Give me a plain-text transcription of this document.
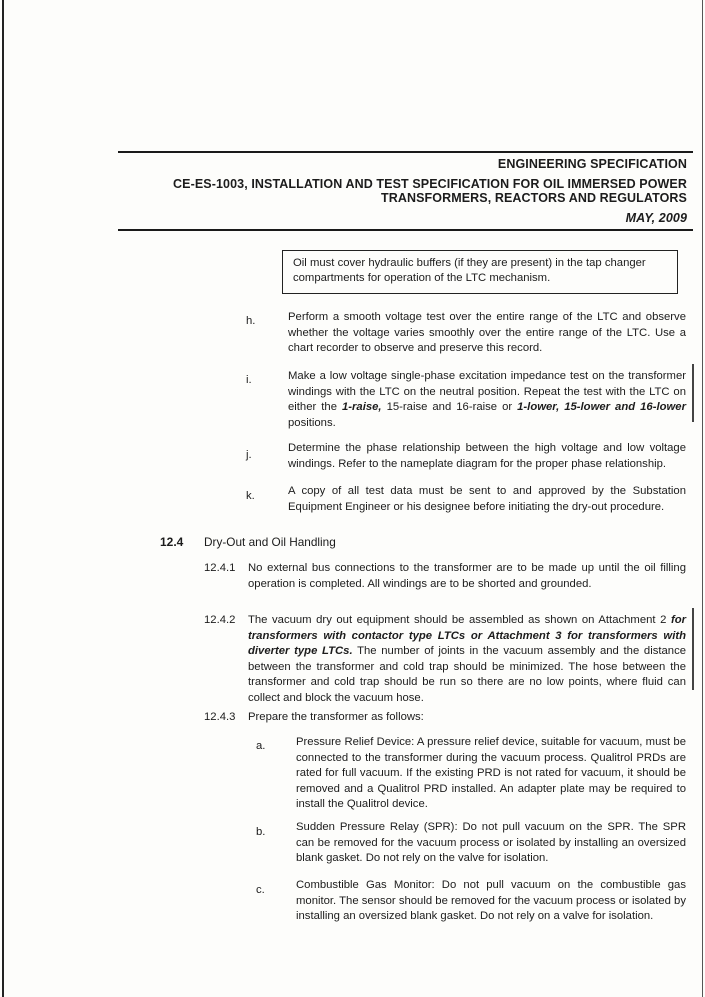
ENGINEERING SPECIFICATION
CE-ES-1003, INSTALLATION AND TEST SPECIFICATION FOR OIL IMMERSED POWER
TRANSFORMERS, REACTORS AND REGULATORS
MAY, 2009
Oil must cover hydraulic buffers (if they are present) in the tap changer compartments for operation of the LTC mechanism.
h.	Perform a smooth voltage test over the entire range of the LTC and observe whether the voltage varies smoothly over the entire range of the LTC. Use a chart recorder to observe and preserve this record.
i.	Make a low voltage single-phase excitation impedance test on the transformer windings with the LTC on the neutral position. Repeat the test with the LTC on either the 1-raise, 15-raise and 16-raise or 1-lower, 15-lower and 16-lower positions.
j.
Determine the phase relationship between the high voltage and low voltage windings. Refer to the nameplate diagram for the proper phase relationship.
k.	A copy of all test data must be sent to and approved by the Substation Equipment Engineer or his designee before initiating the dry-out procedure.
12.4 Dry-Out and Oil Handling
12.4.1 No external bus connections to the transformer are to be made up until the oil filling operation is completed. All windings are to be shorted and grounded.
12.4.2 The vacuum dry out equipment should be assembled as shown on Attachment 2 for transformers with contactor type LTCs or Attachment 3 for transformers with diverter type LTCs. The number of joints in the vacuum assembly and the distance between the transformer and cold trap should be minimized. The hose between the transformer and cold trap should be run so there are no low points, where fluid can collect and block the vacuum hose.
12.4.3 Prepare the transformer as follows:
a.	Pressure Relief Device: A pressure relief device, suitable for vacuum, must be connected to the transformer during the vacuum process. Qualitrol PRDs are rated for full vacuum. If the existing PRD is not rated for vacuum, it should be removed and a Qualitrol PRD installed. An adapter plate may be required to install the Qualitrol device.
b.	Sudden Pressure Relay (SPR): Do not pull vacuum on the SPR. The SPR can be removed for the vacuum process or isolated by installing an oversized blank gasket. Do not rely on the valve for isolation.
c.	Combustible Gas Monitor: Do not pull vacuum on the combustible gas monitor. The sensor should be removed for the vacuum process or isolated by installing an oversized blank gasket. Do not rely on a valve for isolation.
